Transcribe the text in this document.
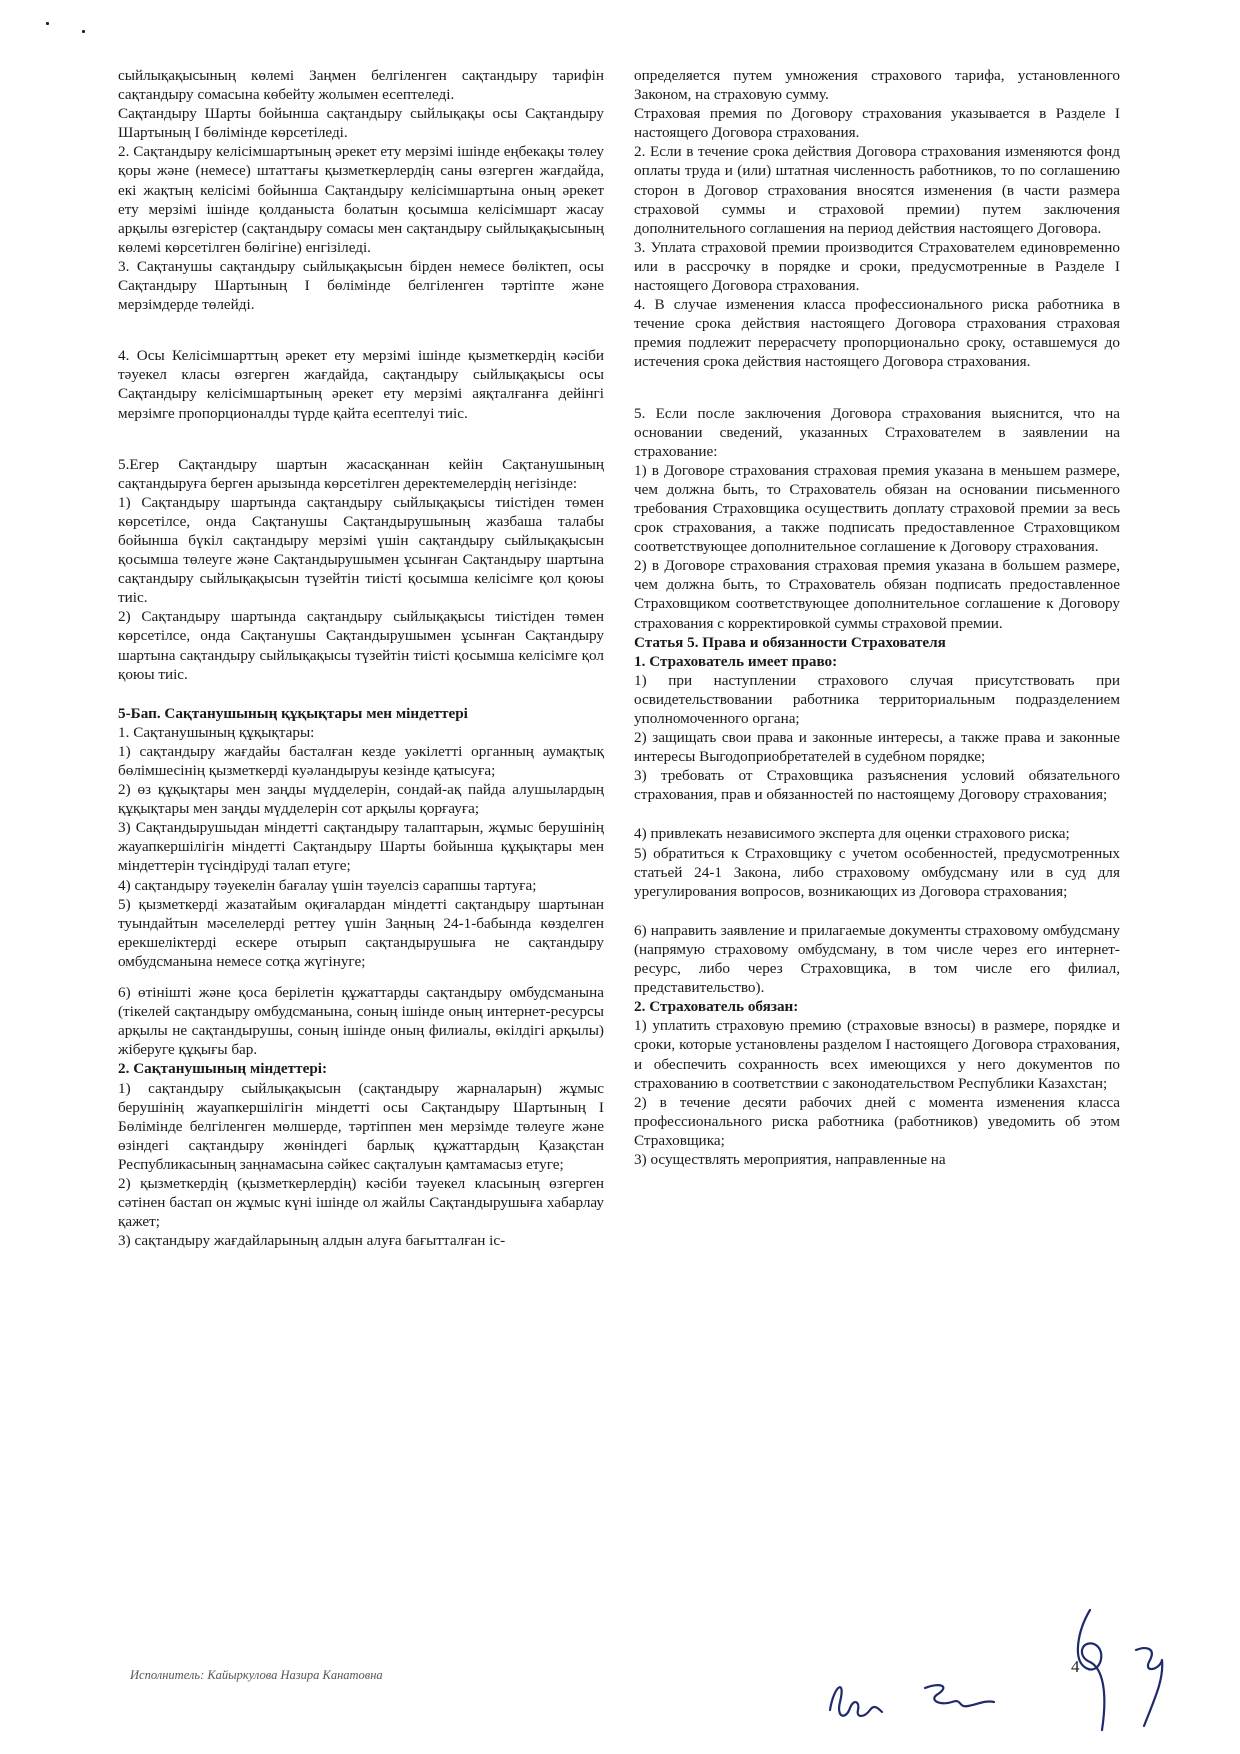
сыйлықақысының көлемі Заңмен белгіленген сақтандыру тарифін сақтандыру сомасына көбейту жолымен есептеледі.

Сақтандыру Шарты бойынша сақтандыру сыйлықақы осы Сақтандыру Шартының I бөлімінде көрсетіледі.

2. Сақтандыру келісімшартының әрекет ету мерзімі ішінде еңбекақы төлеу қоры және (немесе) штаттағы қызметкерлердің саны өзгерген жағдайда, екі жақтың келісімі бойынша Сақтандыру келісімшартына оның әрекет ету мерзімі ішінде қолданыста болатын қосымша келісімшарт жасау арқылы өзгерістер (сақтандыру сомасы мен сақтандыру сыйлықақысының көлемі көрсетілген бөлігіне) енгізіледі.

3. Сақтанушы сақтандыру сыйлықақысын бірден немесе бөліктеп, осы Сақтандыру Шартының I бөлімінде белгіленген тәртіпте және мерзімдерде төлейді.

4. Осы Келісімшарттың әрекет ету мерзімі ішінде қызметкердің кәсіби тәуекел класы өзгерген жағдайда, сақтандыру сыйлықақысы осы Сақтандыру келісімшартының әрекет ету мерзімі аяқталғанға дейінгі мерзімге пропорционалды түрде қайта есептелуі тиіс.

5.Егер Сақтандыру шартын жасасқаннан кейін Сақтанушының сақтандыруға берген арызында көрсетілген деректемелердің негізінде:

1) Сақтандыру шартында сақтандыру сыйлықақысы тиістіден төмен көрсетілсе, онда Сақтанушы Сақтандырушының жазбаша талабы бойынша бүкіл сақтандыру мерзімі үшін сақтандыру сыйлықақысын қосымша төлеуге және Сақтандырушымен ұсынған Сақтандыру шартына сақтандыру сыйлықақысын түзейтін тиісті қосымша келісімге қол қоюы тиіс.

2) Сақтандыру шартында сақтандыру сыйлықақысы тиістіден төмен көрсетілсе, онда Сақтанушы Сақтандырушымен ұсынған Сақтандыру шартына сақтандыру сыйлықақысы түзейтін тиісті қосымша келісімге қол қоюы тиіс.

5-Бап. Сақтанушының құқықтары мен міндеттері

1. Сақтанушының құқықтары:

1) сақтандыру жағдайы басталған кезде уәкілетті органның аумақтық бөлімшесінің қызметкерді куәландыруы кезінде қатысуға;

2) өз құқықтары мен заңды мүдделерін, сондай-ақ пайда алушылардың құқықтары мен заңды мүдделерін сот арқылы қорғауға;

3) Сақтандырушыдан міндетті сақтандыру талаптарын, жұмыс берушінің жауапкершілігін міндетті Сақтандыру Шарты бойынша құқықтары мен міндеттерін түсіндіруді талап етуге;

4) сақтандыру тәуекелін бағалау үшін тәуелсіз сарапшы тартуға;

5) қызметкерді жазатайым оқиғалардан міндетті сақтандыру шартынан туындайтын мәселелерді реттеу үшін Заңның 24-1-бабында көзделген ерекшеліктерді ескере отырып сақтандырушыға не сақтандыру омбудсманына немесе сотқа жүгінуге;

6) өтінішті және қоса берілетін құжаттарды сақтандыру омбудсманына (тікелей сақтандыру омбудсманына, соның ішінде оның интернет-ресурсы арқылы не сақтандырушы, соның ішінде оның филиалы, өкілдігі арқылы) жіберуге құқығы бар.

2. Сақтанушының міндеттері:

1) сақтандыру сыйлықақысын (сақтандыру жарналарын) жұмыс берушінің жауапкершілігін міндетті осы Сақтандыру Шартының I Бөлімінде белгіленген мөлшерде, тәртіппен мен мерзімде төлеуге және өзіндегі сақтандыру жөніндегі барлық құжаттардың Қазақстан Республикасының заңнамасына сәйкес сақталуын қамтамасыз етуге;

2) қызметкердің (қызметкерлердің) кәсіби тәуекел класының өзгерген сәтінен бастап он жұмыс күні ішінде ол жайлы Сақтандырушыға хабарлау қажет;

3) сақтандыру жағдайларының алдын алуға бағытталған іс-

определяется путем умножения страхового тарифа, установленного Законом, на страховую сумму.

Страховая премия по Договору страхования указывается в Разделе I настоящего Договора страхования.

2. Если в течение срока действия Договора страхования изменяются фонд оплаты труда и (или) штатная численность работников, то по соглашению сторон в Договор страхования вносятся изменения (в части размера страховой суммы и страховой премии) путем заключения дополнительного соглашения на период действия настоящего Договора.

3. Уплата страховой премии производится Страхователем единовременно или в рассрочку в порядке и сроки, предусмотренные в Разделе I настоящего Договора страхования.

4. В случае изменения класса профессионального риска работника в течение срока действия настоящего Договора страхования страховая премия подлежит перерасчету пропорционально сроку, оставшемуся до истечения срока действия настоящего Договора страхования.

5. Если после заключения Договора страхования выяснится, что на основании сведений, указанных Страхователем в заявлении на страхование:

1) в Договоре страхования страховая премия указана в меньшем размере, чем должна быть, то Страхователь обязан на основании письменного требования Страховщика осуществить доплату страховой премии за весь срок страхования, а также подписать предоставленное Страховщиком соответствующее дополнительное соглашение к Договору страхования.

2) в Договоре страхования страховая премия указана в большем размере, чем должна быть, то Страхователь обязан подписать предоставленное Страховщиком соответствующее дополнительное соглашение к Договору страхования с корректировкой суммы страховой премии.

Статья 5. Права и обязанности Страхователя

1. Страхователь имеет право:

1) при наступлении страхового случая присутствовать при освидетельствовании работника территориальным подразделением уполномоченного органа;

2) защищать свои права и законные интересы, а также права и законные интересы Выгодоприобретателей в судебном порядке;

3) требовать от Страховщика разъяснения условий обязательного страхования, прав и обязанностей по настоящему Договору страхования;

4) привлекать независимого эксперта для оценки страхового риска;

5) обратиться к Страховщику с учетом особенностей, предусмотренных статьей 24-1 Закона, либо страховому омбудсману или в суд для урегулирования вопросов, возникающих из Договора страхования;

6) направить заявление и прилагаемые документы страховому омбудсману (напрямую страховому омбудсману, в том числе через его интернет-ресурс, либо через Страховщика, в том числе его филиал, представительство).

2. Страхователь обязан:

1) уплатить страховую премию (страховые взносы) в размере, порядке и сроки, которые установлены разделом I настоящего Договора страхования, и обеспечить сохранность всех имеющихся у него документов по страхованию в соответствии с законодательством Республики Казахстан;

2) в течение десяти рабочих дней с момента изменения класса профессионального риска работника (работников) уведомить об этом Страховщика;

3) осуществлять мероприятия, направленные на

Исполнитель: Кайыркулова Назира Канатовна	4
